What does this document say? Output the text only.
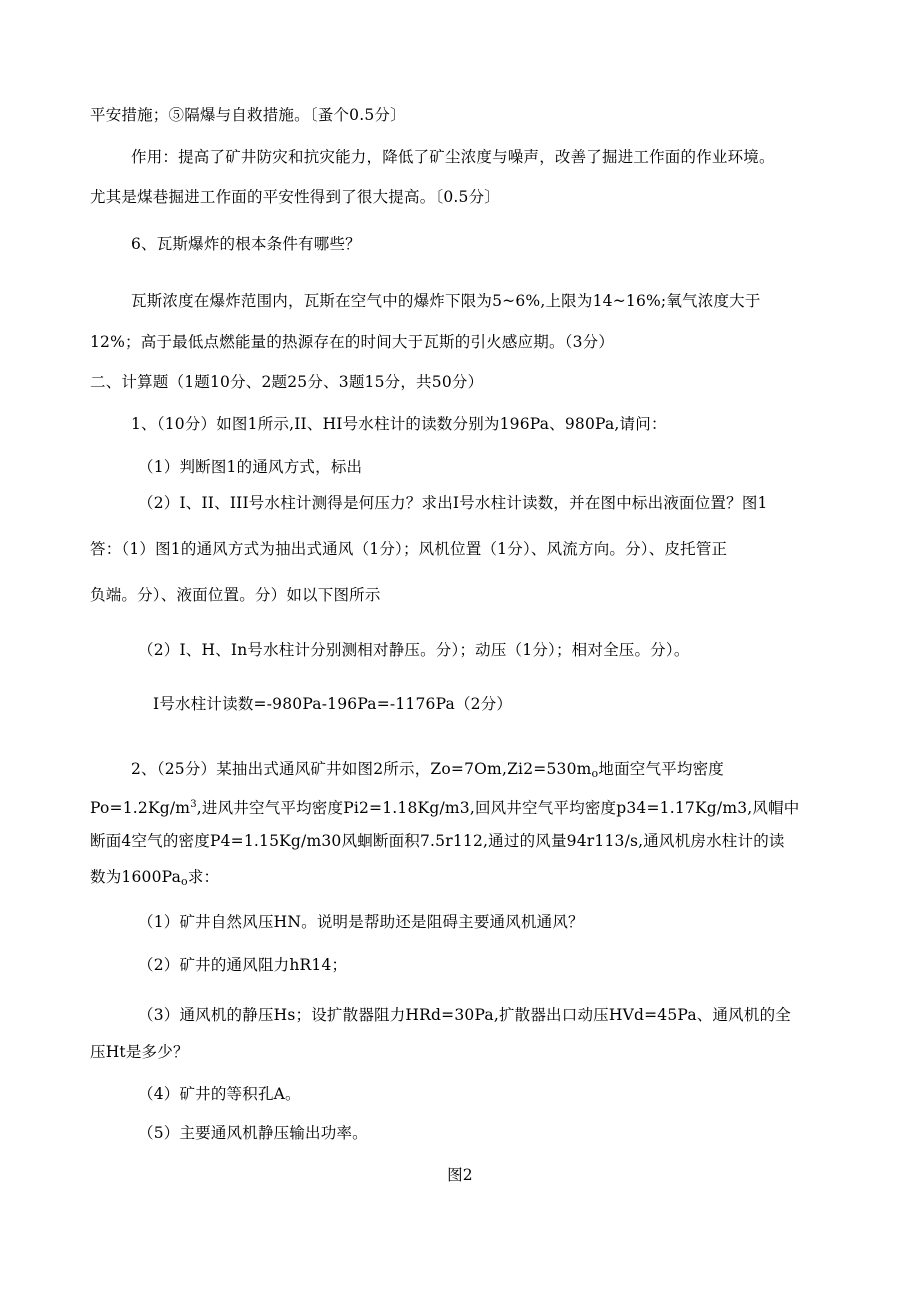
平安措施；⑤隔爆与自救措施。〔蚤个0.5分〕
作用：提高了矿井防灾和抗灾能力，降低了矿尘浓度与噪声，改善了掘进工作面的作业环境。
尤其是煤巷掘进工作面的平安性得到了很大提高。〔0.5分〕
6、瓦斯爆炸的根本条件有哪些？
瓦斯浓度在爆炸范围内，瓦斯在空气中的爆炸下限为5~6%,上限为14~16%;氧气浓度大于
12%；高于最低点燃能量的热源存在的时间大于瓦斯的引火感应期。（3分）
二、计算题（1题10分、2题25分、3题15分，共50分）
1、（10分）如图1所示,II、HI号水柱计的读数分别为196Pa、980Pa,请问：
（1）判断图1的通风方式，标出
（2）I、II、III号水柱计测得是何压力？求出I号水柱计读数，并在图中标出液面位置？图1
答：（1）图1的通风方式为抽出式通风（1分）；风机位置（1分）、风流方向。分）、皮托管正
负端。分）、液面位置。分）如以下图所示
（2）I、H、In号水柱计分别测相对静压。分）；动压（1分）；相对全压。分）。
I号水柱计读数=-980Pa-196Pa=-1176Pa（2分）
2、（25分）某抽出式通风矿井如图2所示，Zo=7Om,Zi2=530mo地面空气平均密度
$Po=1.2Kg/m^3$,进风井空气平均密度Pi2=1.18Kg/m3,回风井空气平均密度p34=1.17Kg/m3,风帽中
断面4空气的密度P4=1.15Kg/m30风蛔断面积7.5r112,通过的风量94r113/s,通风机房水柱计的读
数为1600Pao求：
（1）矿井自然风压HN。说明是帮助还是阻碍主要通风机通风？
（2）矿井的通风阻力hR14；
（3）通风机的静压Hs；设扩散器阻力HRd=30Pa,扩散器出口动压HVd=45Pa、通风机的全
压Ht是多少？
（4）矿井的等积孔A。
（5）主要通风机静压输出功率。
图2
